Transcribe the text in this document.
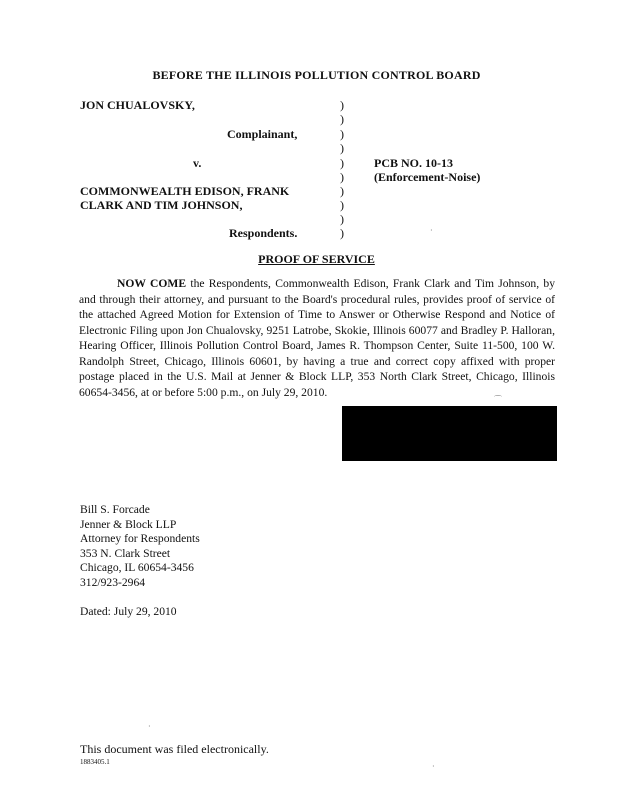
BEFORE THE ILLINOIS POLLUTION CONTROL BOARD
JON CHUALOVSKY,
Complainant,
v.
COMMONWEALTH EDISON, FRANK
CLARK AND TIM JOHNSON,
Respondents.
)
)
)
)
)
)
)
)
)
)
PCB NO. 10-13
(Enforcement-Noise)
PROOF OF SERVICE
NOW COME the Respondents, Commonwealth Edison, Frank Clark and Tim Johnson, by and through their attorney, and pursuant to the Board's procedural rules, provides proof of service of the attached Agreed Motion for Extension of Time to Answer or Otherwise Respond and Notice of Electronic Filing upon Jon Chualovsky, 9251 Latrobe, Skokie, Illinois 60077 and Bradley P. Halloran, Hearing Officer, Illinois Pollution Control Board, James R. Thompson Center, Suite 11-500, 100 W. Randolph Street, Chicago, Illinois 60601, by having a true and correct copy affixed with proper postage placed in the U.S. Mail at Jenner & Block LLP, 353 North Clark Street, Chicago, Illinois 60654-3456, at or before 5:00 p.m., on July 29, 2010.
⌒
Bill S. Forcade
Jenner & Block LLP
Attorney for Respondents
353 N. Clark Street
Chicago, IL 60654-3456
312/923-2964
Dated: July 29, 2010
·
·
·
This document was filed electronically.
1883405.1
